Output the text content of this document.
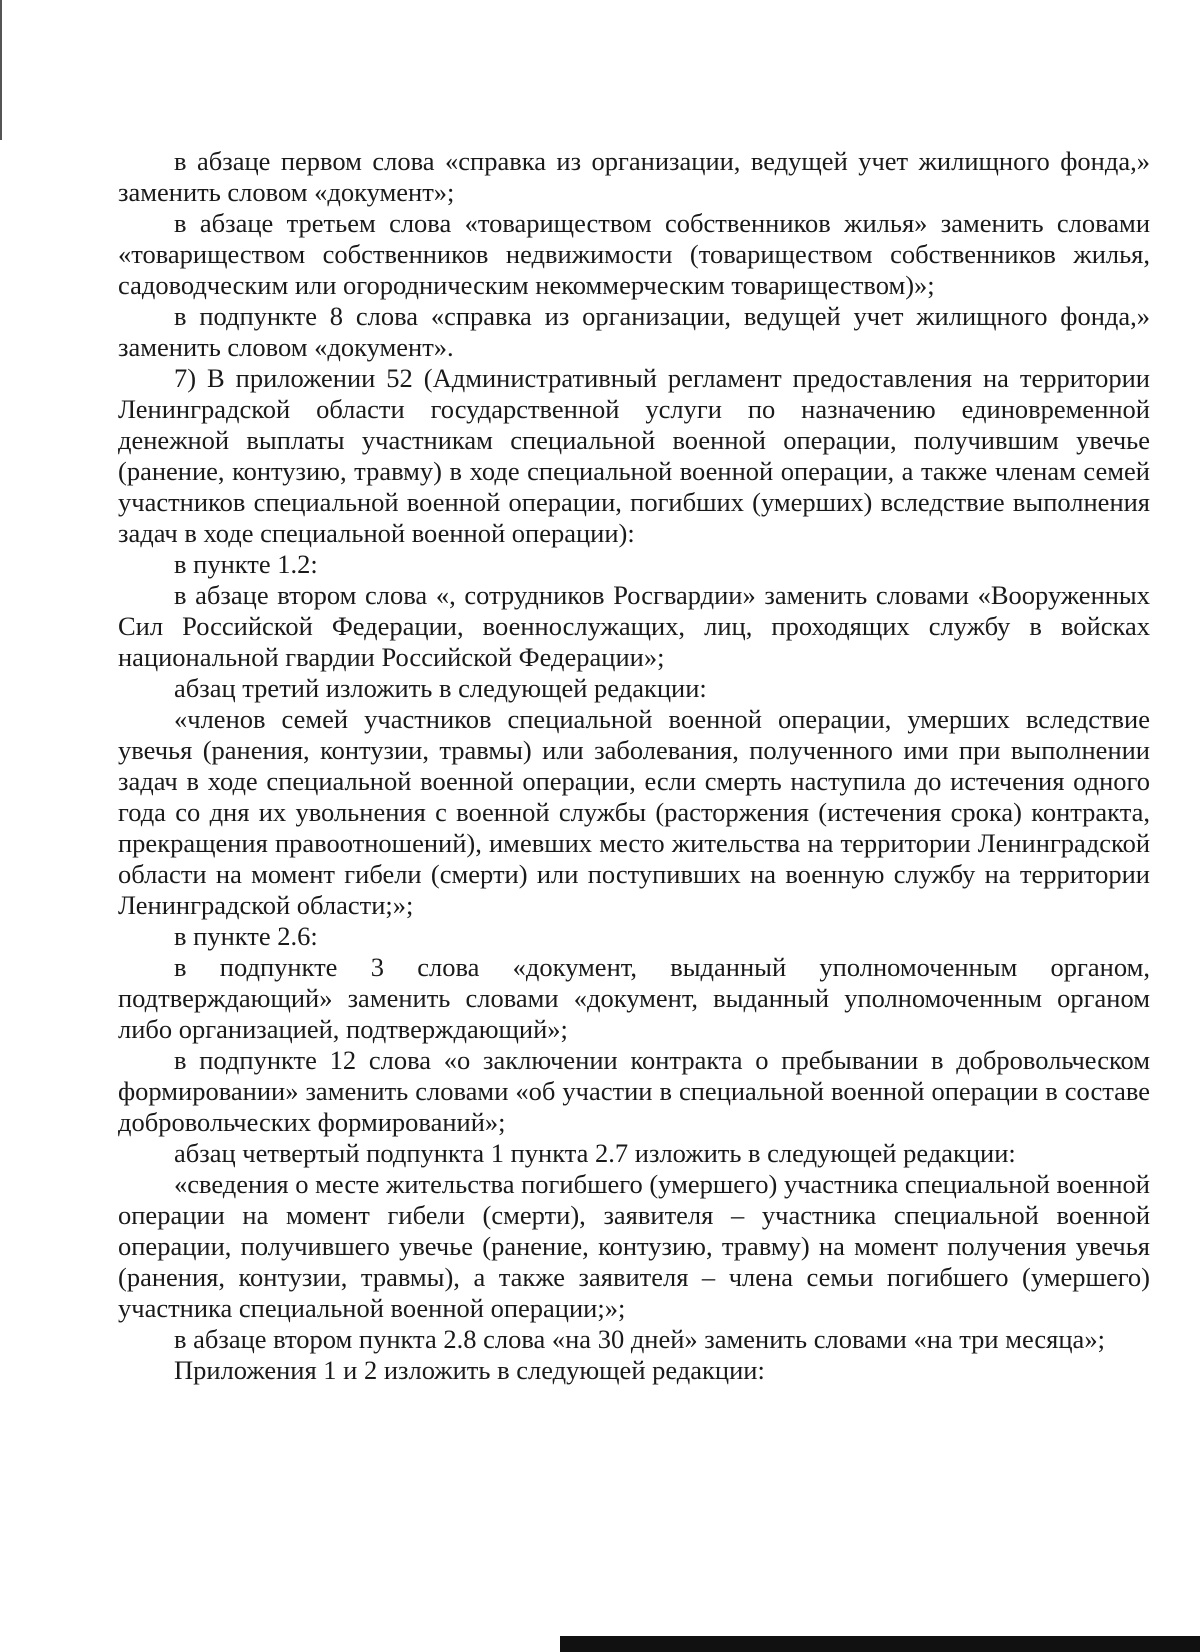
в абзаце первом слова «справка из организации, ведущей учет жилищного фонда,» заменить словом «документ»;

в абзаце третьем слова «товариществом собственников жилья» заменить словами «товариществом собственников недвижимости (товариществом собственников жилья, садоводческим или огородническим некоммерческим товариществом)»;

в подпункте 8 слова «справка из организации, ведущей учет жилищного фонда,» заменить словом «документ».

7) В приложении 52 (Административный регламент предоставления на территории Ленинградской области государственной услуги по назначению единовременной денежной выплаты участникам специальной военной операции, получившим увечье (ранение, контузию, травму) в ходе специальной военной операции, а также членам семей участников специальной военной операции, погибших (умерших) вследствие выполнения задач в ходе специальной военной операции):

в пункте 1.2:

в абзаце втором слова «, сотрудников Росгвардии» заменить словами «Вооруженных Сил Российской Федерации, военнослужащих, лиц, проходящих службу в войсках национальной гвардии Российской Федерации»;

абзац третий изложить в следующей редакции:

«членов семей участников специальной военной операции, умерших вследствие увечья (ранения, контузии, травмы) или заболевания, полученного ими при выполнении задач в ходе специальной военной операции, если смерть наступила до истечения одного года со дня их увольнения с военной службы (расторжения (истечения срока) контракта, прекращения правоотношений), имевших место жительства на территории Ленинградской области на момент гибели (смерти) или поступивших на военную службу на территории Ленинградской области;»;

в пункте 2.6:

в подпункте 3 слова «документ, выданный уполномоченным органом, подтверждающий» заменить словами «документ, выданный уполномоченным органом либо организацией, подтверждающий»;

в подпункте 12 слова «о заключении контракта о пребывании в добровольческом формировании» заменить словами «об участии в специальной военной операции в составе добровольческих формирований»;

абзац четвертый подпункта 1 пункта 2.7 изложить в следующей редакции:

«сведения о месте жительства погибшего (умершего) участника специальной военной операции на момент гибели (смерти), заявителя – участника специальной военной операции, получившего увечье (ранение, контузию, травму) на момент получения увечья (ранения, контузии, травмы), а также заявителя – члена семьи погибшего (умершего) участника специальной военной операции;»;

в абзаце втором пункта 2.8 слова «на 30 дней» заменить словами «на три месяца»;

Приложения 1 и 2 изложить в следующей редакции:
